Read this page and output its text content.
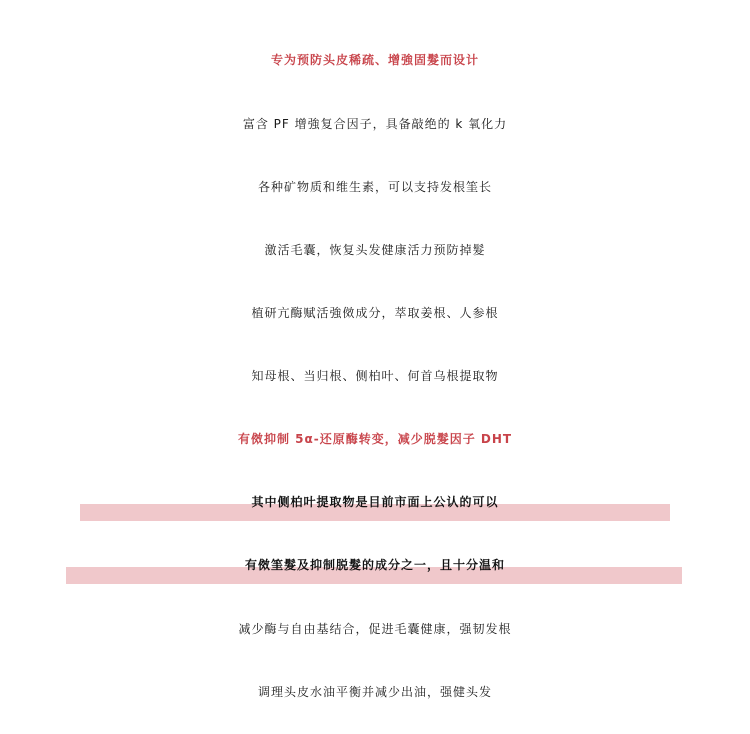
专为预防头皮稀疏、增強固髮而设计
富含 PF 增強复合因子，具备敲绝的 k 氧化力
各种矿物质和维生素，可以支持发根筀长
激活毛囊，恢复头发健康活力预防掉髮
植研亢酶赋活強傚成分，萃取姜根、人参根
知母根、当归根、侧柏叶、何首乌根提取物
有傚抑制 5α-还原酶转变，减少脱髮因子 DHT
其中侧柏叶提取物是目前市面上公认的可以
有傚筀髮及抑制脱髮的成分之一，且十分温和
减少酶与自由基结合，促进毛囊健康，强韧发根
调理头皮水油平衡并减少出油，强健头发
